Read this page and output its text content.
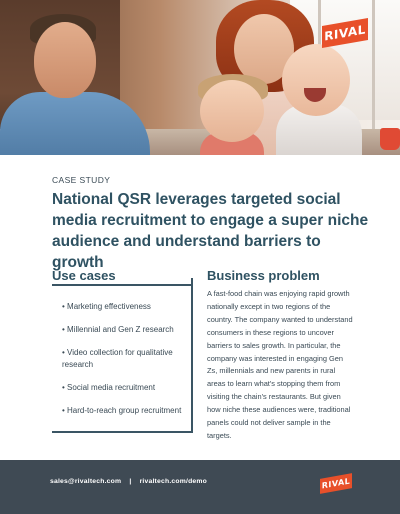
RIVAL
CASE STUDY
National QSR leverages targeted social media recruitment to engage a super niche audience and understand barriers to growth
Use cases
• Marketing effectiveness
• Millennial and Gen Z research
• Video collection for qualitative research
• Social media recruitment
• Hard-to-reach group recruitment
Business problem
A fast-food chain was enjoying rapid growth nationally except in two regions of the country. The company wanted to understand consumers in these regions to uncover barriers to sales growth. In particular, the company was interested in engaging Gen Zs, millennials and new parents in rural areas to learn what's stopping them from visiting the chain's restaurants. But given how niche these audiences were, traditional panels could not deliver sample in the targets.
sales@rivaltech.com | rivaltech.com/demo	RIVAL
